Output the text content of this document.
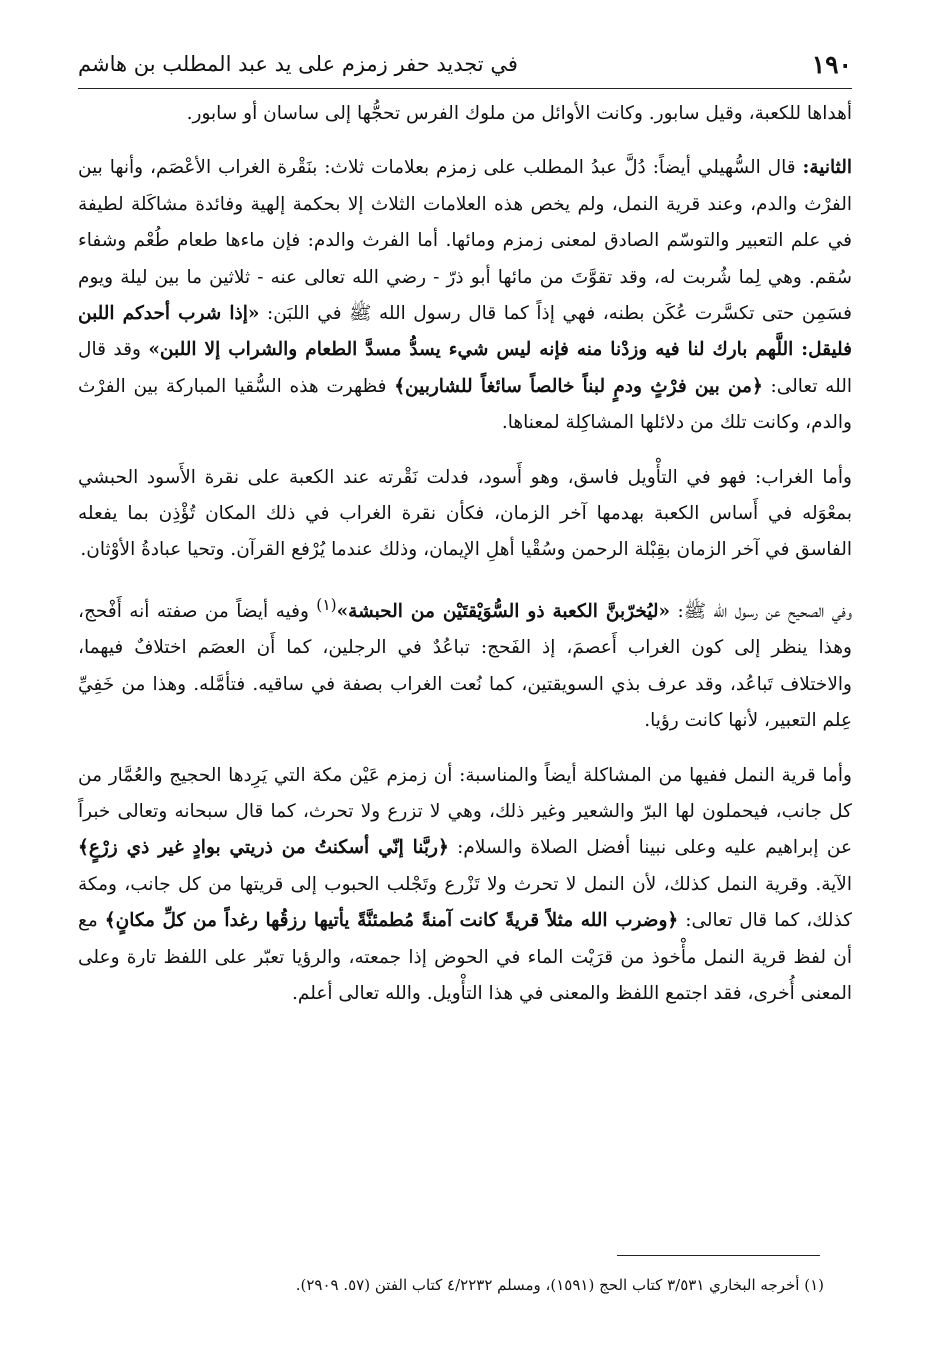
١٩٠
في تجديد حفر زمزم على يد عبد المطلب بن هاشم

أهداها للكعبة، وقيل سابور. وكانت الأوائل من ملوك الفرس تحجُّها إلى ساسان أو سابور.

الثانية: قال السُّهيلي أيضاً: دُلَّ عبدُ المطلب على زمزم بعلامات ثلاث: بنَقْرة الغراب الأعْصَم، وأنها بين الفرْث والدم، وعند قرية النمل، ولم يخص هذه العلامات الثلاث إلا بحكمة إلهية وفائدة مشاكَلة لطيفة في علم التعبير والتوسّم الصادق لمعنى زمزم ومائها. أما الفرث والدم: فإن ماءها طعام طُعْم وشفاء سُقم. وهي لِما شُربت له، وقد تقوَّتَ من مائها أبو ذرّ - رضي الله تعالى عنه - ثلاثين ما بين ليلة ويوم فسَمِن حتى تكسَّرت عُكَن بطنه، فهي إذاً كما قال رسول الله ﷺ في اللبَن: «إذا شرب أحدكم اللبن فليقل: اللَّهم بارك لنا فيه وزدْنا منه فإنه ليس شيء يسدُّ مسدَّ الطعام والشراب إلا اللبن» وقد قال الله تعالى: ﴿من بين فرْثٍ ودمٍ لبناً خالصاً سائغاً للشاربين﴾ فظهرت هذه السُّقيا المباركة بين الفرْث والدم، وكانت تلك من دلائلها المشاكِلة لمعناها.

وأما الغراب: فهو في التأْويل فاسق، وهو أَسود، فدلت نَقْرته عند الكعبة على نقرة الأَسود الحبشي بمعْوَله في أَساس الكعبة بهدمها آخر الزمان، فكأن نقرة الغراب في ذلك المكان تُؤْذِن بما يفعله الفاسق في آخر الزمان بقِبْلة الرحمن وسُقْيا أهلِ الإيمان، وذلك عندما يُرْفع القرآن. وتحيا عبادةُ الأوْثان.

وفي الصحيح عن رسول الله ﷺ: «ليُخرّبنَّ الكعبة ذو السُّوَيْقتَيْن من الحبشة»$^{(١)}$ وفيه أيضاً من صفته أنه أَفْحج، وهذا ينظر إلى كون الغراب أَعصمَ، إذ الفَحج: تباعُدٌ في الرجلين، كما أَن العصَم اختلافٌ فيهما، والاختلاف تَباعُد، وقد عرف بذي السويقتين، كما نُعت الغراب بصفة في ساقيه. فتأمَّله. وهذا من خَفِيِّ عِلم التعبير، لأنها كانت رؤيا.

وأما قرية النمل ففيها من المشاكلة أيضاً والمناسبة: أن زمزم عَيْن مكة التي يَرِدها الحجيج والعُمَّار من كل جانب، فيحملون لها البرّ والشعير وغير ذلك، وهي لا تزرع ولا تحرث، كما قال سبحانه وتعالى خبراً عن إبراهيم عليه وعلى نبينا أفضل الصلاة والسلام: ﴿ربَّنا إنّي أسكنتُ من ذريتي بوادٍ غير ذي زرْعٍ﴾ الآية. وقرية النمل كذلك، لأن النمل لا تحرث ولا تَزْرع وتَجْلب الحبوب إلى قريتها من كل جانب، ومكة كذلك، كما قال تعالى: ﴿وضرب الله مثلاً قريةً كانت آمنةً مُطمئنَّةً يأتيها رزقُها رغداً من كلِّ مكانٍ﴾ مع أن لفظ قرية النمل مأْخوذ من قرَيْت الماء في الحوض إذا جمعته، والرؤيا تعبّر على اللفظ تارة وعلى المعنى أُخرى، فقد اجتمع اللفظ والمعنى في هذا التأْويل. والله تعالى أعلم.

(١) أخرجه البخاري ٣/٥٣١ كتاب الحج (١٥٩١)، ومسلم ٤/٢٢٣٢ كتاب الفتن (٥٧. ٢٩٠٩).
